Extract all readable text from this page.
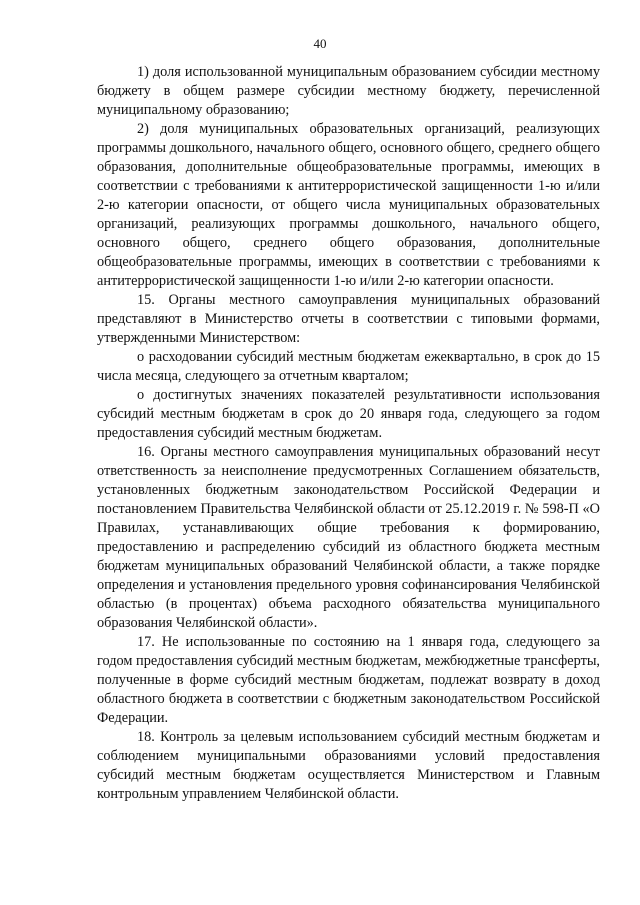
40

1) доля использованной муниципальным образованием субсидии местному бюджету в общем размере субсидии местному бюджету, перечисленной муниципальному образованию;

2) доля муниципальных образовательных организаций, реализующих программы дошкольного, начального общего, основного общего, среднего общего образования, дополнительные общеобразовательные программы, имеющих в соответствии с требованиями к антитеррористической защищенности 1-ю и/или 2-ю категории опасности, от общего числа муниципальных образовательных организаций, реализующих программы дошкольного, начального общего, основного общего, среднего общего образования, дополнительные общеобразовательные программы, имеющих в соответствии с требованиями к антитеррористической защищенности 1-ю и/или 2-ю категории опасности.

15. Органы местного самоуправления муниципальных образований представляют в Министерство отчеты в соответствии с типовыми формами, утвержденными Министерством:

о расходовании субсидий местным бюджетам ежеквартально, в срок до 15 числа месяца, следующего за отчетным кварталом;

о достигнутых значениях показателей результативности использования субсидий местным бюджетам в срок до 20 января года, следующего за годом предоставления субсидий местным бюджетам.

16. Органы местного самоуправления муниципальных образований несут ответственность за неисполнение предусмотренных Соглашением обязательств, установленных бюджетным законодательством Российской Федерации и постановлением Правительства Челябинской области от 25.12.2019 г. № 598-П «О Правилах, устанавливающих общие требования к формированию, предоставлению и распределению субсидий из областного бюджета местным бюджетам муниципальных образований Челябинской области, а также порядке определения и установления предельного уровня софинансирования Челябинской областью (в процентах) объема расходного обязательства муниципального образования Челябинской области».

17. Не использованные по состоянию на 1 января года, следующего за годом предоставления субсидий местным бюджетам, межбюджетные трансферты, полученные в форме субсидий местным бюджетам, подлежат возврату в доход областного бюджета в соответствии с бюджетным законодательством Российской Федерации.

18. Контроль за целевым использованием субсидий местным бюджетам и соблюдением муниципальными образованиями условий предоставления субсидий местным бюджетам осуществляется Министерством и Главным контрольным управлением Челябинской области.
